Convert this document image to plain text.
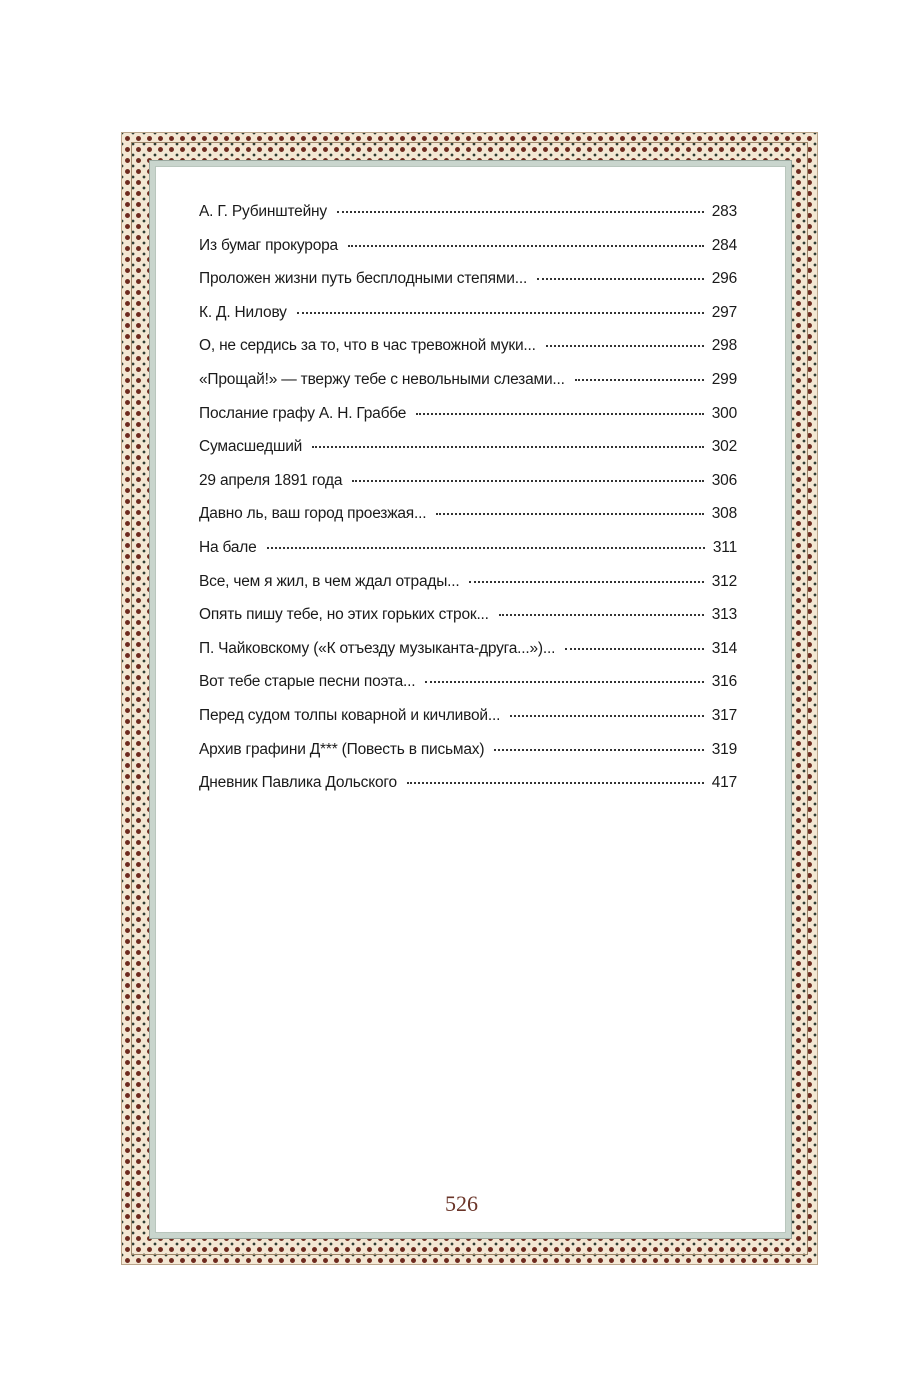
А. Г. Рубинштейну	283
Из бумаг прокурора	284
Проложен жизни путь бесплодными степями...	296
К. Д. Нилову	297
О, не сердись за то, что в час тревожной муки...	298
«Прощай!» — твержу тебе с невольными слезами...	299
Послание графу А. Н. Граббе	300
Сумасшедший	302
29 апреля 1891 года	306
Давно ль, ваш город проезжая...	308
На бале	311
Все, чем я жил, в чем ждал отрады...	312
Опять пишу тебе, но этих горьких строк...	313
П. Чайковскому («К отъезду музыканта-друга...»)...	314
Вот тебе старые песни поэта...	316
Перед судом толпы коварной и кичливой...	317
Архив графини Д*** (Повесть в письмах)	319
Дневник Павлика Дольского	417
526
